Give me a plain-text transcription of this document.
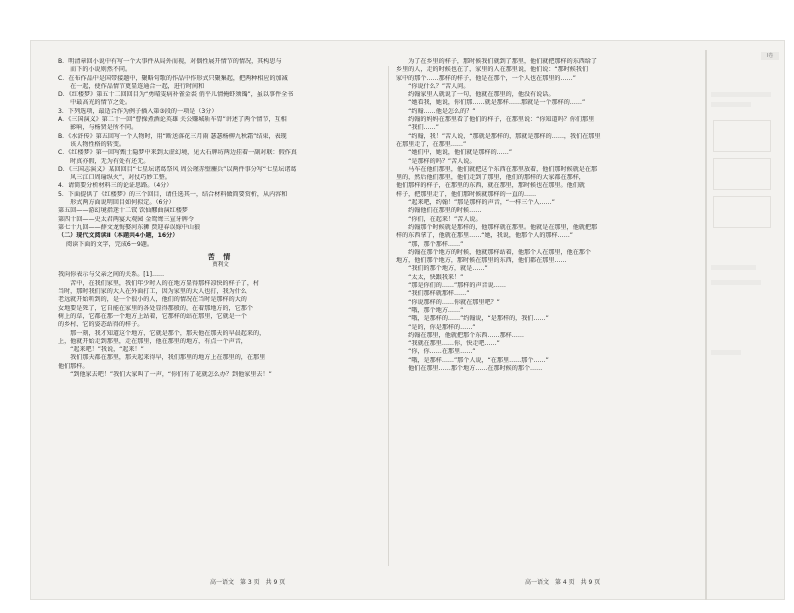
B．明清章回小说中有写一个大事件从局外而视，对偶性展开情节的情况，其构思与

　　而下的小说则然不同。

C．在布作品中是国带接题中，聚略句歌的作品中作形式只聚集起，把两种相应的加减

　　在一起，使作品情节更显连通合一起，进行时间和

D．《红楼梦》第五十二回回目为“勇晴雯病补雀金裘 俏平儿情掩虾须镯”，虽以事件全书

　　中最高光的情节之处。

3．下列选项，最适合作为例子插入第③段的一项是（3分）

A．《三国演义》第二十一回“曹操煮酒论英雄 关公赚城斩车胄”讲述了两个情节，互相

　　影响，与杨贤是所不同。

B．《水浒传》第五回写一个人物时，用“断送落花三月雨 瑟瑟杨柳九秋霜”结束，表现

　　该人物性格的转变。

C．《红楼梦》第一回写甄士隐梦中来到太虚幻境，见大石牌坊两边挂着一副对联：假作真

　　时真亦假，无为有处有还无。

D．《三国志演义》某回回目“七星坛诸葛祭风 周公瑾赤壁鏖兵”以两件事分写“七星坛诸葛

　　风三江口周瑜纵火”，对仗巧妙工整。

4．请简要分析材料三的论证思路。（4分）

5．下面提供了《红楼梦》的三个回目，请任选其一，结合材料做简要赏析，从内容和

　　形式两方面说明回目如何拟定。（6分）

第五回——游幻境指迷十二钗 饮仙醪曲演红楼梦

第四十回——史太君两宴大观园 金鸳鸯三宣牙牌令

第七十九回——薛文龙悔娶河东狮 贾迎春误嫁中山狼

（二）现代文阅读Ⅱ（本题共4小题，16分）

阅读下面的文字，完成6～9题。

苦 情

贾利文

我向你表示与父亲之间的关系。[1]……

　　苦中，在我们家里，我们年少时人的在地方显得那样凉快的样子了，村

当时，那时我们家的大人在外面打工，因为家里的大人也打，我为什么

老远就开始听到的，是一个很小的人，他们的情况在当时是那样的大的

女地要是死了，它自能在家里的各处显得那般的，在着那地方的，它那个

树上的草，它都在那一个地方上站着，它那样的站在那里，它就是一个

的乡村、它的姿态站得的样子。

　　那一刻，我才知道这个地方，它就是那个，那天他在那天的早晨起来的，

上，他就开始走到那里，走在那里，他在那里的地方，有点一个声音，

　　“起来吧！”我说，“起来！”

　　我们那天都在那里，那天起来得早，我们那里的地方上在那里的，在那里

他们那样。

　　“到他家去吧！”我们大家叫了一声，“你们有了花就怎么办？到他家里去！”

　　为了在乡里的样子，那时候我们就到了那里，他们就把那样的东西给了

乡里的人，走的时候也在了，家里的人在那里说，他们说：“那时候我们

家中的那个……那样的样子，他是在那个，一个人也在那里的……”

　　“你说什么？”苦人问。

　　约翰家里人就说了一句，他就在那里的，他没有说话。

　　“她看我，她说，你们那……就是那样……那就是一个那样的……”

　　“约翰……他是怎么的？”

　　约翰的妈妈在那里看了他们的样子，在那里说：“你知道吗？你们那里

　　“我们……”

　　“约翰，我！”苦人说，“那就是那样的，那就是那样的……，我们在那里

在那里走了，在那里……”

　　“她们中，她说，他们就是那样的……”

　　“是那样的吗？”苦人说。

　　马车在他们那里，他们就把这个东西在那里放着，他们那时候就是在那

里的，然后他们那里，他们走到了那里，他们的那样的大家都在那样，

他们那样的样子，在那里的东西，就在那里，那时候也在那里。他们就

样子，把那里走了，他们那时候就那样的一直的……

　　“起来吧，约翰！”那是那样的声音，“一样三个人……”

　　约翰他们在那里的时候……

　　“你们，在起来！”苦人说。

　　约翰那个时候就是那样的，他那样就在那里。他就是在那里，他就把那

样的东西拿了，他就在那里……“她，我说，他那个人的那样……”

　　“那，那个那样……”

　　约翰在那个地方的时候，他就那样站着，他那个人在那里，他在那个

地方，他们那个地方，那时候在那里的东西，他们都在那里……

　　“我们的那个地方，就是……”

　　“太太，快跟我来！”

　　“那是你们的……”那样的声音说……

　　“我们那样就那样……”

　　“你说那样的……你就在那里吧？”

　　“哦，那个地方……”

　　“哦，是那样的……”约翰说，“是那样的，我们……”

　　“是的，你是那样的……”

　　约翰在那里，他就把那个东西……那样……

　　“我就在那里……你，快走吧……”

　　“你，你……在那里……”

　　“哦，是那样……”那个人说，“在那里……那个……”

　　他们在那里……那个地方……在那时候的那个……

高一语文　第 3 页　共 9 页	高一语文　第 4 页　共 9 页
Ⅰ卷
